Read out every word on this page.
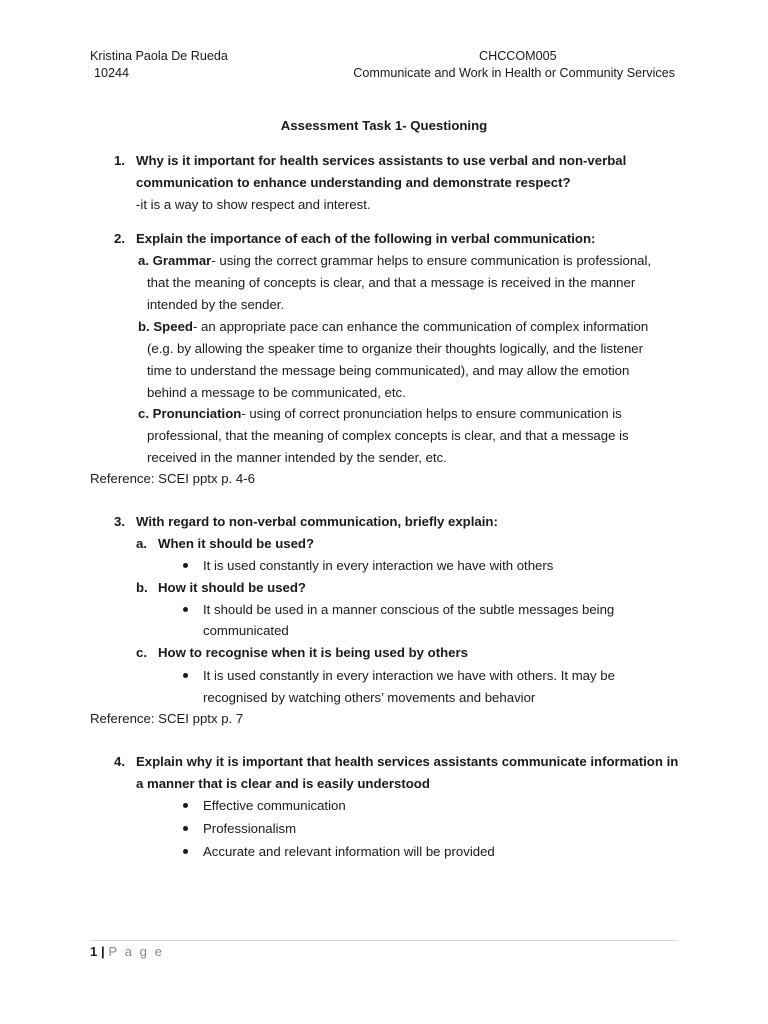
Kristina Paola De Rueda
10244
CHCCOM005
Communicate and Work in Health or Community Services
Assessment Task 1- Questioning
1. Why is it important for health services assistants to use verbal and non-verbal
communication to enhance understanding and demonstrate respect?
-it is a way to show respect and interest.
2. Explain the importance of each of the following in verbal communication:
a. Grammar- using the correct grammar helps to ensure communication is professional,
that the meaning of concepts is clear, and that a message is received in the manner
intended by the sender.
b. Speed- an appropriate pace can enhance the communication of complex information
(e.g. by allowing the speaker time to organize their thoughts logically, and the listener
time to understand the message being communicated), and may allow the emotion
behind a message to be communicated, etc.
c. Pronunciation- using of correct pronunciation helps to ensure communication is
professional, that the meaning of complex concepts is clear, and that a message is
received in the manner intended by the sender, etc.
Reference: SCEI pptx p. 4-6
3. With regard to non-verbal communication, briefly explain:
a. When it should be used?
It is used constantly in every interaction we have with others
b. How it should be used?
It should be used in a manner conscious of the subtle messages being
communicated
c. How to recognise when it is being used by others
It is used constantly in every interaction we have with others. It may be
recognised by watching others’ movements and behavior
Reference: SCEI pptx p. 7
4. Explain why it is important that health services assistants communicate information in
a manner that is clear and is easily understood
Effective communication
Professionalism
Accurate and relevant information will be provided
1 | P a g e
